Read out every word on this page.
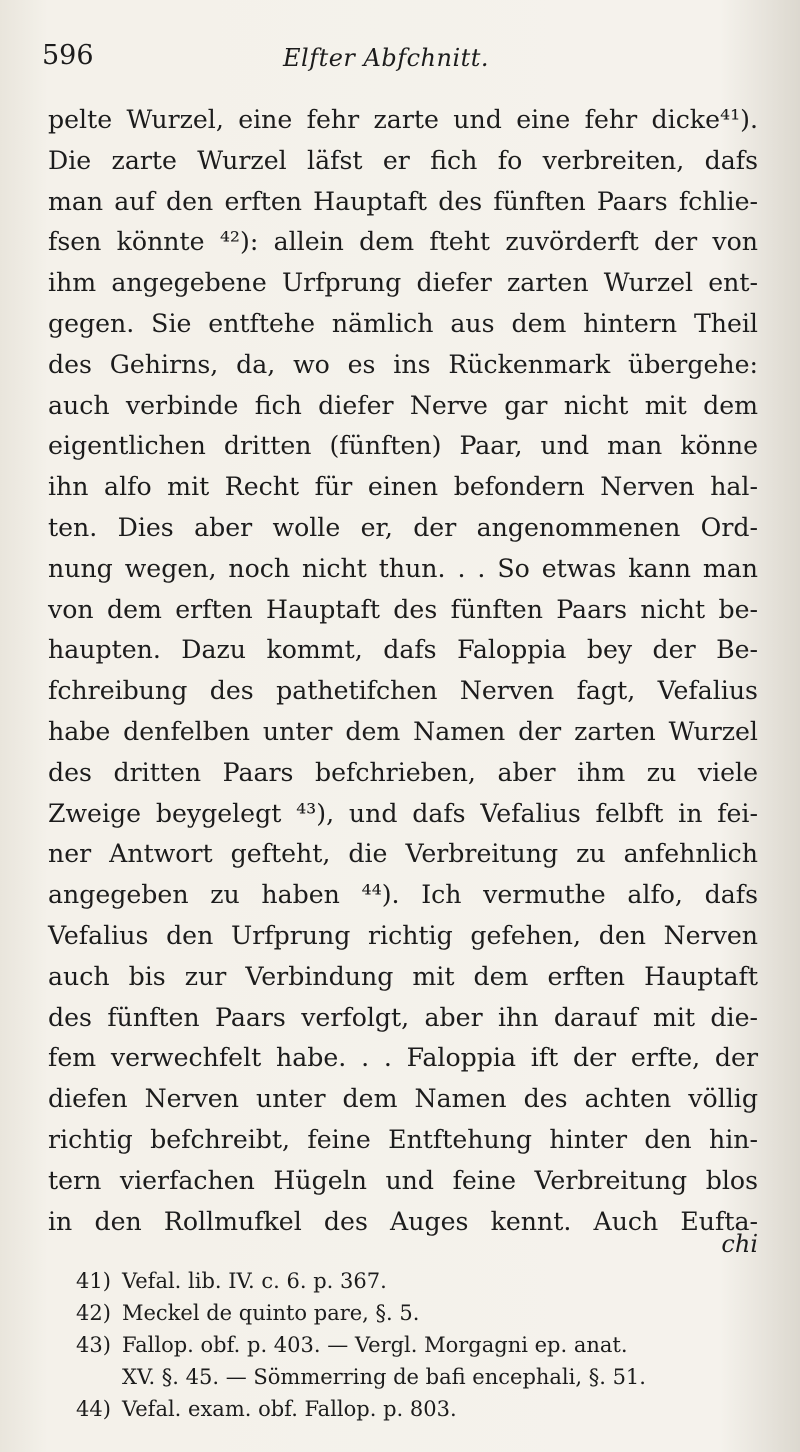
596	Elfter Abfchnitt.
pelte Wurzel, eine fehr zarte und eine fehr dicke⁴¹).
Die zarte Wurzel läfst er fich fo verbreiten, dafs
man auf den erften Hauptaft des fünften Paars fchlie-
fsen könnte ⁴²): allein dem fteht zuvörderft der von
ihm angegebene Urfprung diefer zarten Wurzel ent-
gegen. Sie entftehe nämlich aus dem hintern Theil
des Gehirns, da, wo es ins Rückenmark übergehe:
auch verbinde fich diefer Nerve gar nicht mit dem
eigentlichen dritten (fünften) Paar, und man könne
ihn alfo mit Recht für einen befondern Nerven hal-
ten. Dies aber wolle er, der angenommenen Ord-
nung wegen, noch nicht thun. . . So etwas kann man
von dem erften Hauptaft des fünften Paars nicht be-
haupten. Dazu kommt, dafs Faloppia bey der Be-
fchreibung des pathetifchen Nerven fagt, Vefalius
habe denfelben unter dem Namen der zarten Wurzel
des dritten Paars befchrieben, aber ihm zu viele
Zweige beygelegt ⁴³), und dafs Vefalius felbft in fei-
ner Antwort gefteht, die Verbreitung zu anfehnlich
angegeben zu haben ⁴⁴). Ich vermuthe alfo, dafs
Vefalius den Urfprung richtig gefehen, den Nerven
auch bis zur Verbindung mit dem erften Hauptaft
des fünften Paars verfolgt, aber ihn darauf mit die-
fem verwechfelt habe. . . Faloppia ift der erfte, der
diefen Nerven unter dem Namen des achten völlig
richtig befchreibt, feine Entftehung hinter den hin-
tern vierfachen Hügeln und feine Verbreitung blos
in den Rollmufkel des Auges kennt. Auch Eufta-
chi
41) Vefal. lib. IV. c. 6. p. 367.
42) Meckel de quinto pare, §. 5.
43) Fallop. obf. p. 403. — Vergl. Morgagni ep. anat.
XV. §. 45. — Sömmerring de bafi encephali, §. 51.
44) Vefal. exam. obf. Fallop. p. 803.
